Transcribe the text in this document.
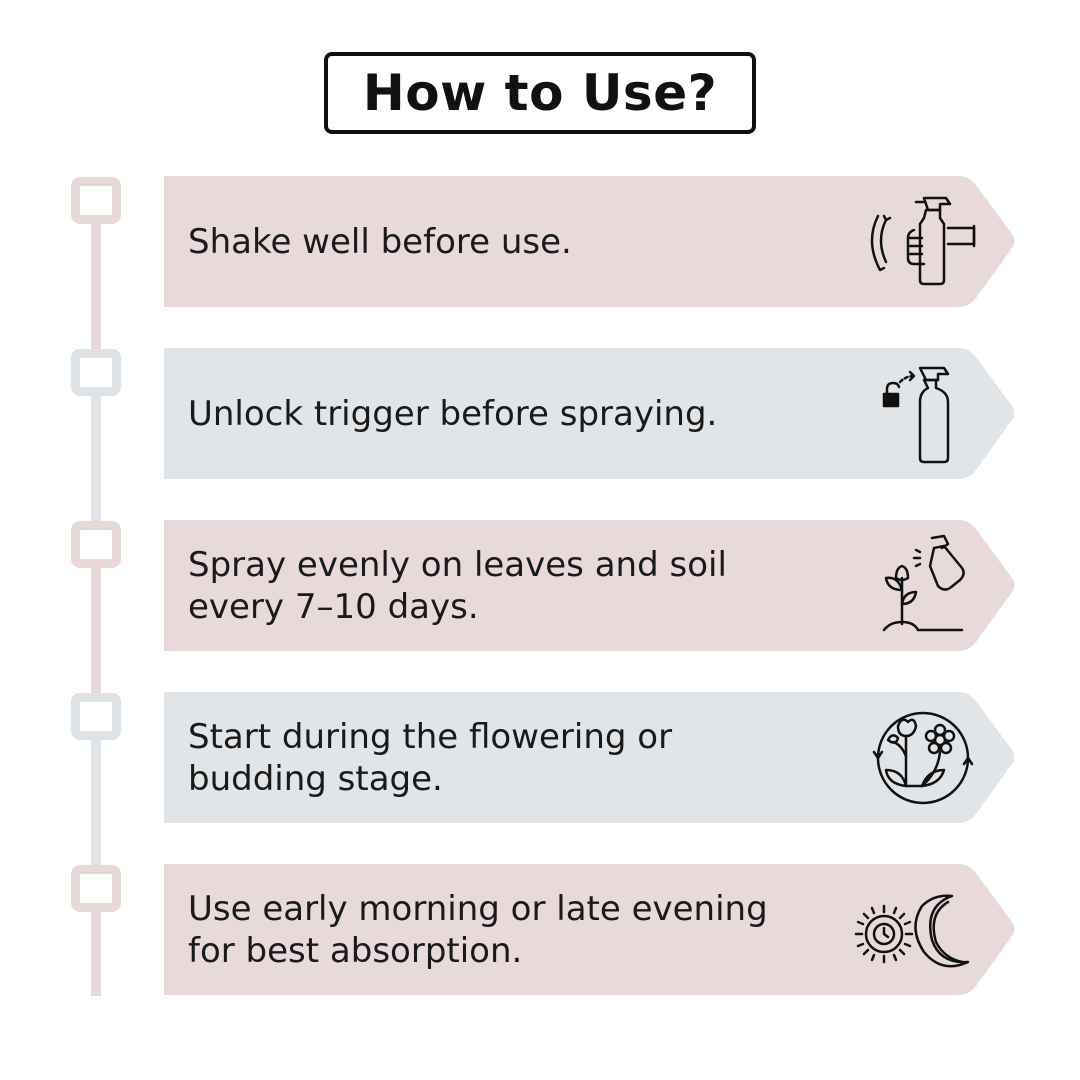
How to Use?
Shake well before use.
Unlock trigger before spraying.
Spray evenly on leaves and soil
every 7–10 days.
Start during the flowering or
budding stage.
Use early morning or late evening
for best absorption.
